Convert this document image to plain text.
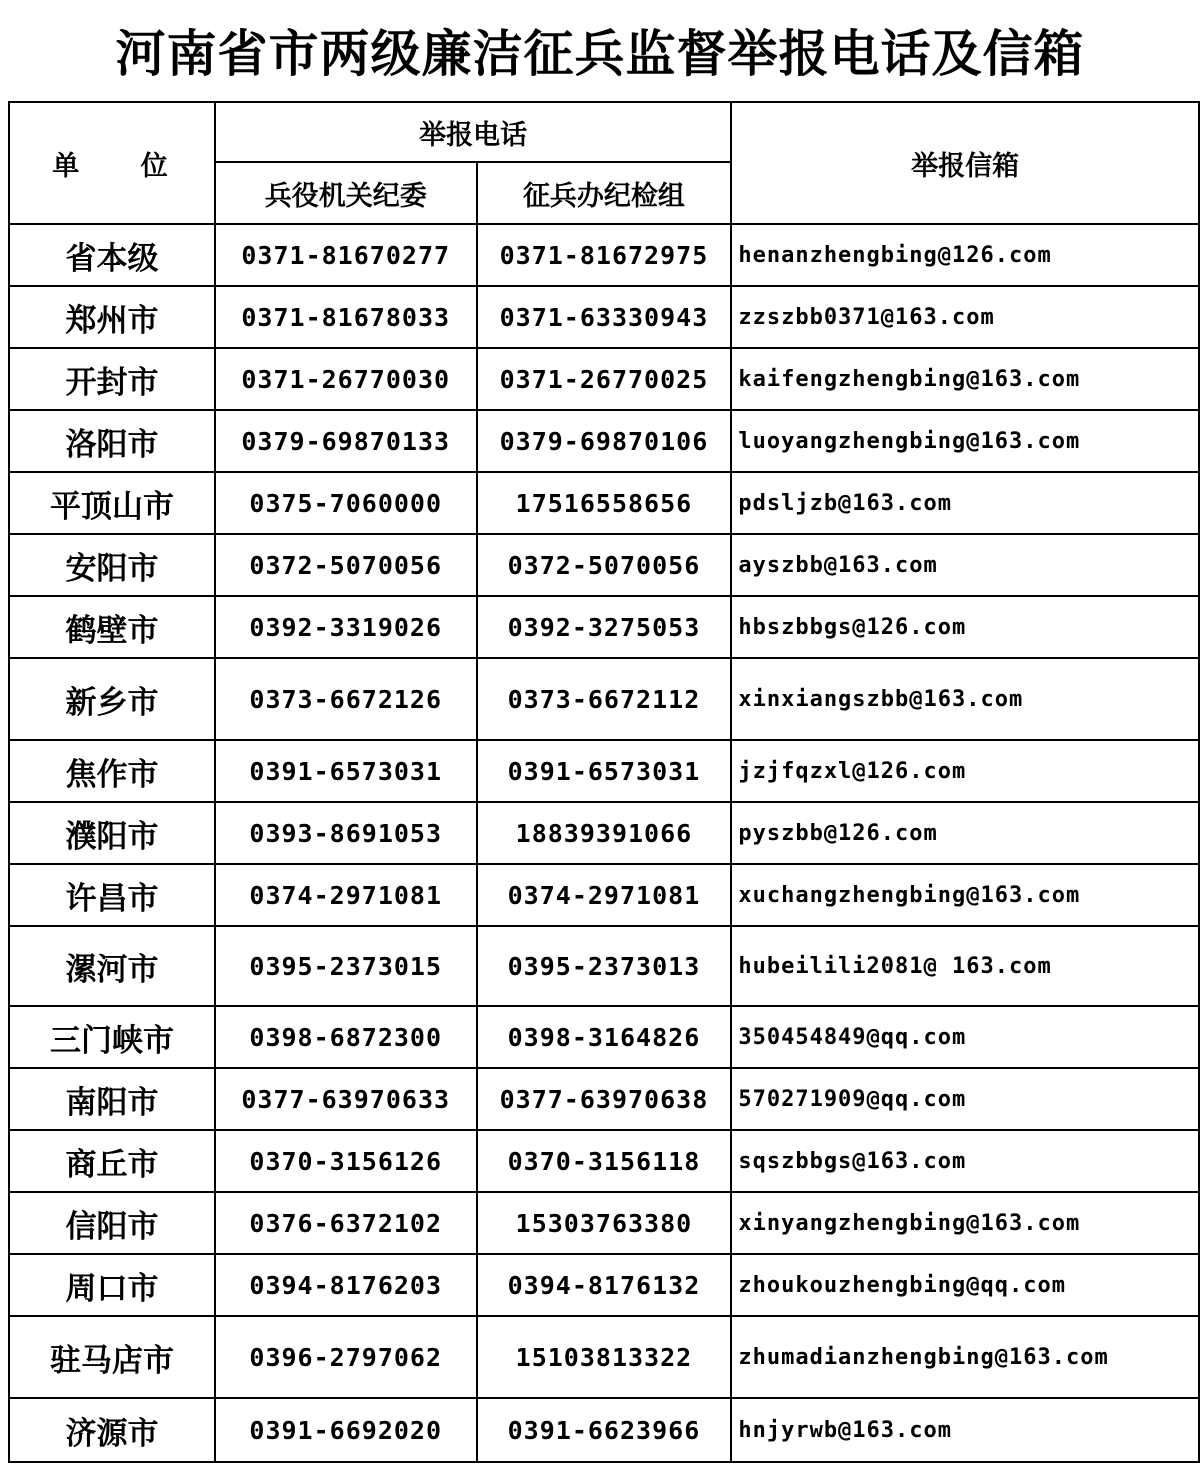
河南省市两级廉洁征兵监督举报电话及信箱
单 位	举报电话		举报信箱
	兵役机关纪委	征兵办纪检组	
省本级	0371-81670277	0371-81672975	henanzhengbing@126.com
郑州市	0371-81678033	0371-63330943	zzszbb0371@163.com
开封市	0371-26770030	0371-26770025	kaifengzhengbing@163.com
洛阳市	0379-69870133	0379-69870106	luoyangzhengbing@163.com
平顶山市	0375-7060000	17516558656	pdsljzb@163.com
安阳市	0372-5070056	0372-5070056	ayszbb@163.com
鹤壁市	0392-3319026	0392-3275053	hbszbbgs@126.com
新乡市	0373-6672126	0373-6672112	xinxiangszbb@163.com
焦作市	0391-6573031	0391-6573031	jzjfqzxl@126.com
濮阳市	0393-8691053	18839391066	pyszbb@126.com
许昌市	0374-2971081	0374-2971081	xuchangzhengbing@163.com
漯河市	0395-2373015	0395-2373013	hubeilili2081@ 163.com
三门峡市	0398-6872300	0398-3164826	350454849@qq.com
南阳市	0377-63970633	0377-63970638	570271909@qq.com
商丘市	0370-3156126	0370-3156118	sqszbbgs@163.com
信阳市	0376-6372102	15303763380	xinyangzhengbing@163.com
周口市	0394-8176203	0394-8176132	zhoukouzhengbing@qq.com
驻马店市	0396-2797062	15103813322	zhumadianzhengbing@163.com
济源市	0391-6692020	0391-6623966	hnjyrwb@163.com
